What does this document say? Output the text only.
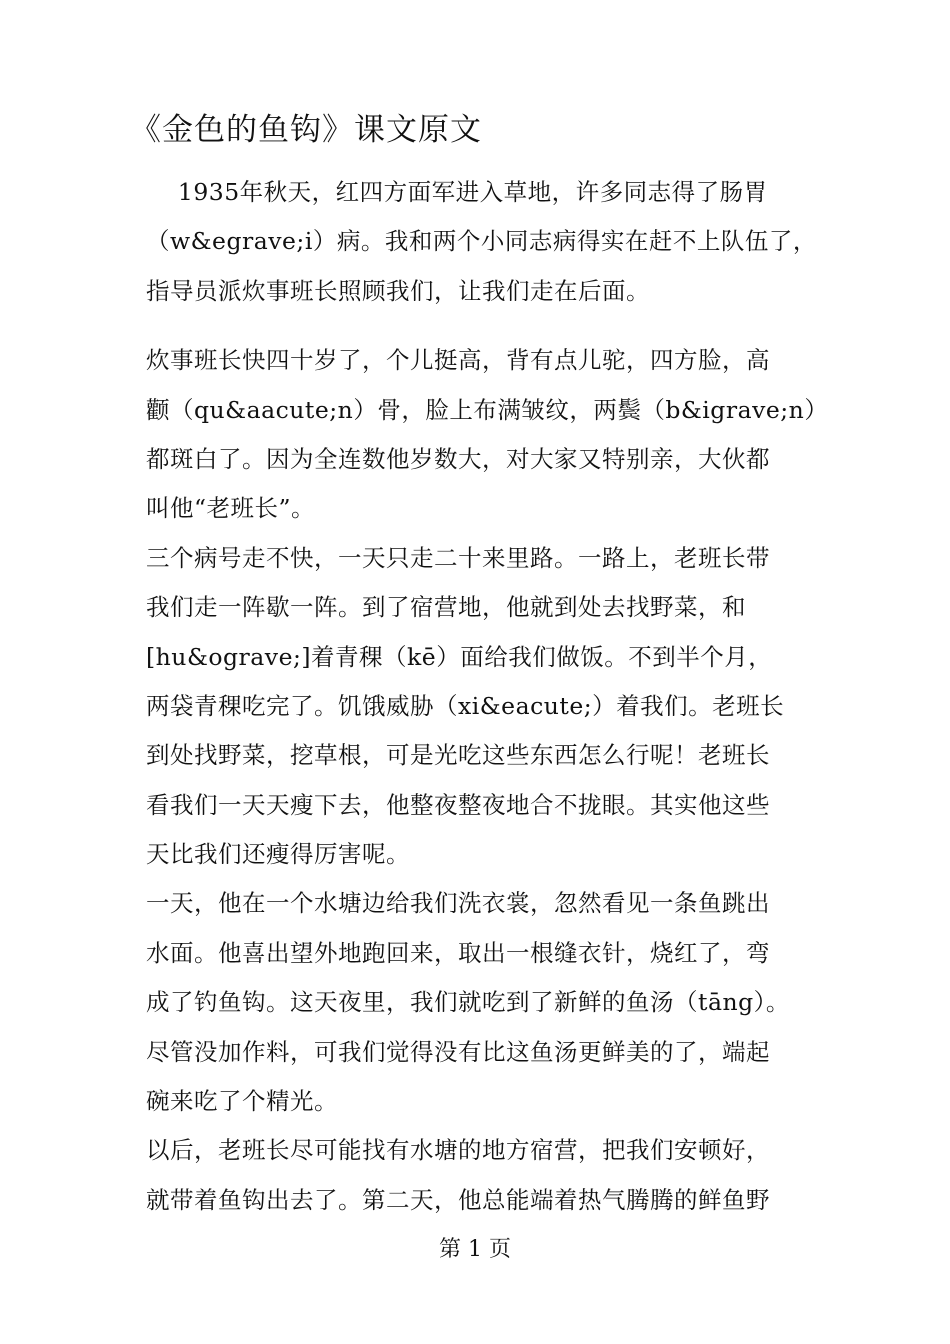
《金色的鱼钩》课文原文
1935年秋天，红四方面军进入草地，许多同志得了肠胃
（w&egrave;i）病。我和两个小同志病得实在赶不上队伍了，
指导员派炊事班长照顾我们，让我们走在后面。
炊事班长快四十岁了，个儿挺高，背有点儿驼，四方脸，高
颧（qu&aacute;n）骨，脸上布满皱纹，两鬓（b&igrave;n）
都斑白了。因为全连数他岁数大，对大家又特别亲，大伙都
叫他“老班长”。
三个病号走不快，一天只走二十来里路。一路上，老班长带
我们走一阵歇一阵。到了宿营地，他就到处去找野菜，和
[hu&ograve;]着青稞（kē）面给我们做饭。不到半个月，
两袋青稞吃完了。饥饿威胁（xi&eacute;）着我们。老班长
到处找野菜，挖草根，可是光吃这些东西怎么行呢！老班长
看我们一天天瘦下去，他整夜整夜地合不拢眼。其实他这些
天比我们还瘦得厉害呢。
一天，他在一个水塘边给我们洗衣裳，忽然看见一条鱼跳出
水面。他喜出望外地跑回来，取出一根缝衣针，烧红了，弯
成了钓鱼钩。这天夜里，我们就吃到了新鲜的鱼汤（tāng）。
尽管没加作料，可我们觉得没有比这鱼汤更鲜美的了，端起
碗来吃了个精光。
以后，老班长尽可能找有水塘的地方宿营，把我们安顿好，
就带着鱼钩出去了。第二天，他总能端着热气腾腾的鲜鱼野
第 1 页
